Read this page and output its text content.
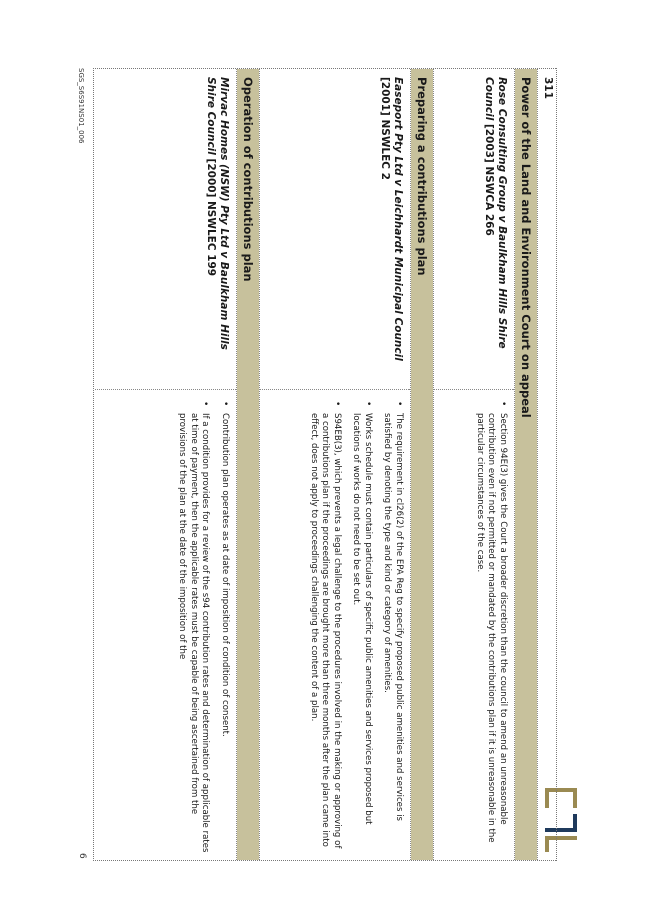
311
Power of the Land and Environment Court on appeal
Rose Consulting Group v Baulkham Hills Shire Council [2003] NSWCA 266
• Section 94E(3) gives the Court a broader discretion than the council to amend an unreasonable contribution even if not permitted or mandated by the contributions plan if it is unreasonable in the particular circumstances of the case.
Preparing a contributions plan
Easeport Pty Ltd v Leichhardt Municipal Council [2001] NSWLEC 2
• The requirement in cl26(2) of the EPA Reg to specify proposed public amenities and services is satisfied by denoting the type and kind or category of amenities.
• Works schedule must contain particulars of specific public amenities and services proposed but locations of works do not need to be set out.
• S94EB(3), which prevents a legal challenge to the procedures involved in the making or approving of a contributions plan if the proceedings are brought more than three months after the plan came into effect, does not apply to proceedings challenging the content of a plan.
Operation of contributions plan
Mirvac Homes (NSW) Pty Ltd v Baulkham Hills Shire Council [2000] NSWLEC 199
• Contribution plan operates as at date of imposition of condition of consent.
• If a condition provides for a review of the s94 contribution rates and determination of applicable rates at time of payment, then the applicable rates must be capable of being ascertained from the provisions of the plan at the date of the imposition of the
SGS_S6S91NS01_006
6
